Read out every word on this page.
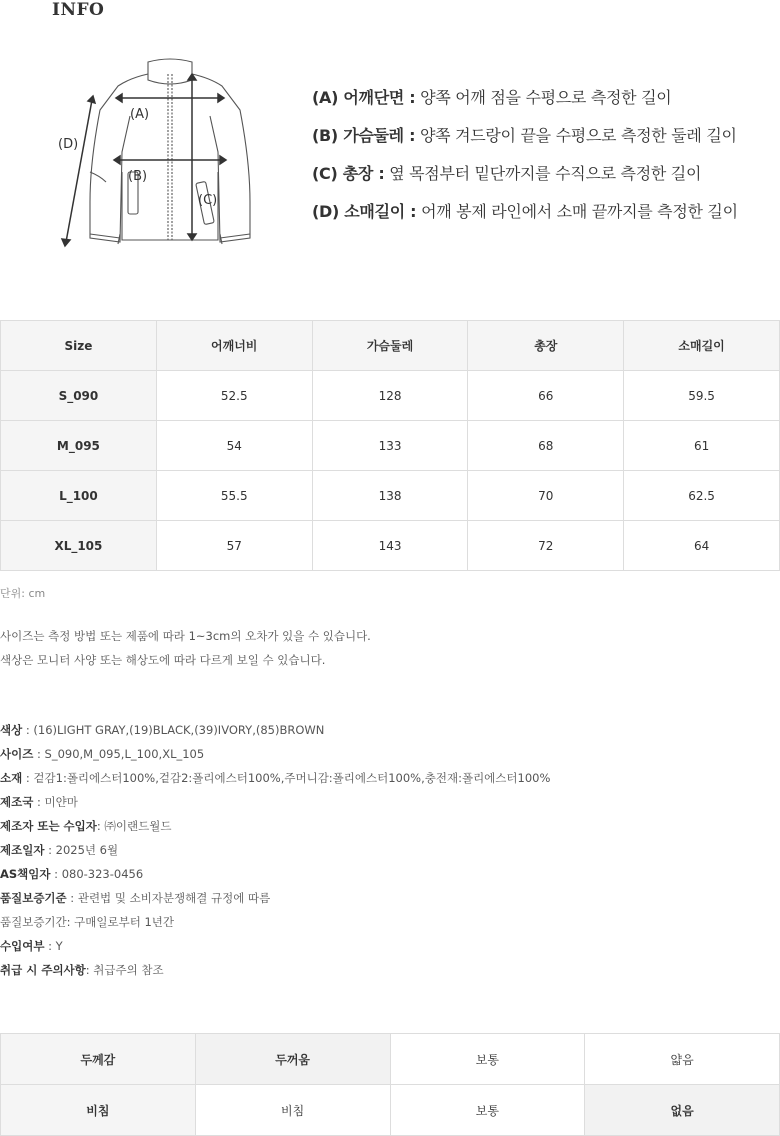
INFO
(A)
(B)
(C)
(D)
(A) 어깨단면 : 양쪽 어깨 점을 수평으로 측정한 길이
(B) 가슴둘레 : 양쪽 겨드랑이 끝을 수평으로 측정한 둘레 길이
(C) 총장 : 옆 목점부터 밑단까지를 수직으로 측정한 길이
(D) 소매길이 : 어깨 봉제 라인에서 소매 끝까지를 측정한 길이
Size	어깨너비	가슴둘레	총장	소매길이
S_090	52.5	128	66	59.5
M_095	54	133	68	61
L_100	55.5	138	70	62.5
XL_105	57	143	72	64
단위: cm
사이즈는 측정 방법 또는 제품에 따라 1~3cm의 오차가 있을 수 있습니다.
색상은 모니터 사양 또는 해상도에 따라 다르게 보일 수 있습니다.
색상 : (16)LIGHT GRAY,(19)BLACK,(39)IVORY,(85)BROWN
사이즈 : S_090,M_095,L_100,XL_105
소재 : 겉감1:폴리에스터100%,겉감2:폴리에스터100%,주머니감:폴리에스터100%,충전재:폴리에스터100%
제조국 : 미얀마
제조자 또는 수입자: ㈜이랜드월드
제조일자 : 2025년 6월
AS책임자 : 080-323-0456
품질보증기준 : 관련법 및 소비자분쟁해결 규정에 따름
품질보증기간: 구매일로부터 1년간
수입여부 : Y
취급 시 주의사항: 취급주의 참조
두께감	두꺼움	보통	얇음
비침	비침	보통	없음
